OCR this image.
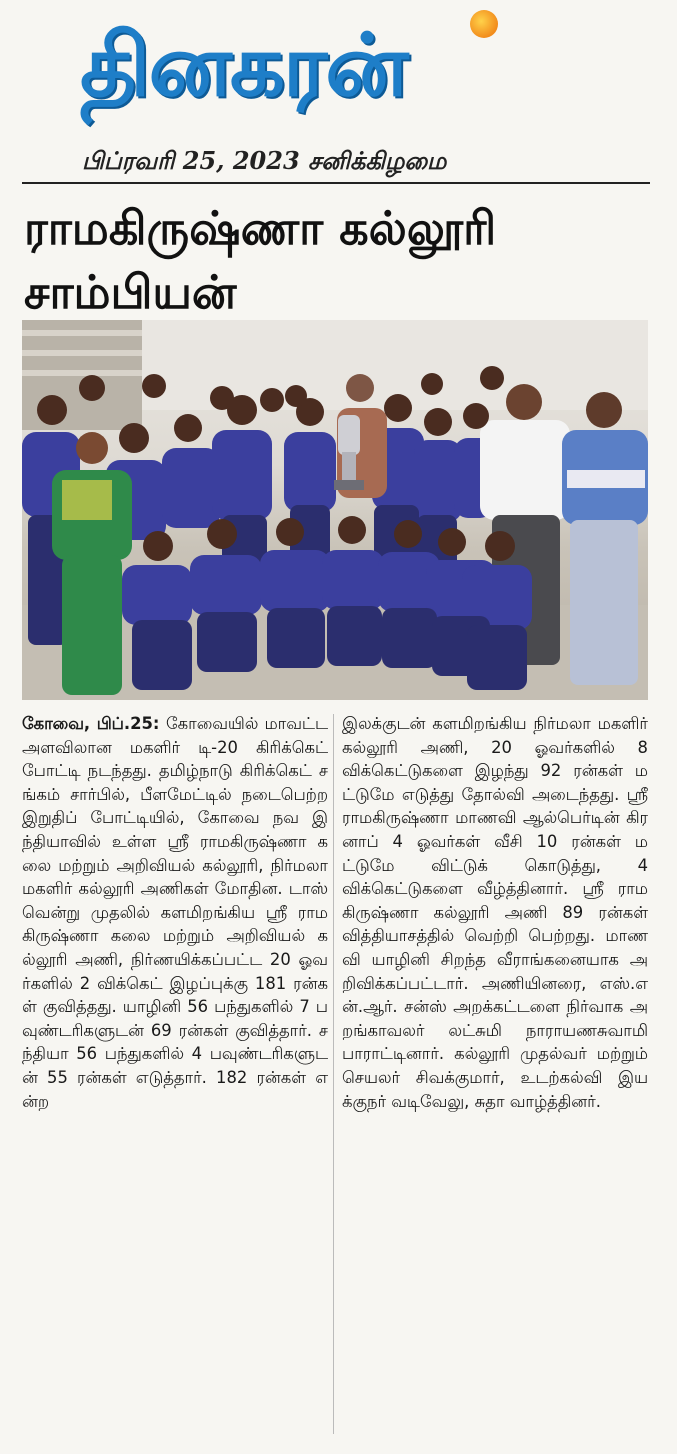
தினகரன்
பிப்ரவரி 25, 2023 சனிக்கிழமை
ராமகிருஷ்ணா கல்லூரி சாம்பியன்
கோவை, பிப்.25: கோவையில் மாவட்ட அளவிலான மகளிர் டி-20 கிரிக்கெட் போட்டி நடந்தது. தமிழ்நாடு கிரிக்கெட் சங்கம் சார்பில், பீளமேட்டில் நடைபெற்ற இறுதிப் போட்டியில், கோவை நவ இந்தியாவில் உள்ள ஸ்ரீ ராமகிருஷ்ணா கலை மற்றும் அறிவியல் கல்லூரி, நிர்மலா மகளிர் கல்லூரி அணிகள் மோதின. டாஸ் வென்று முதலில் களமிறங்கிய ஸ்ரீ ராமகிருஷ்ணா கலை மற்றும் அறிவியல் கல்லூரி அணி, நிர்ணயிக்கப்பட்ட 20 ஓவர்களில் 2 விக்கெட் இழப்புக்கு 181 ரன்கள் குவித்தது. யாழினி 56 பந்துகளில் 7 பவுண்டரிகளுடன் 69 ரன்கள் குவித்தார். சந்தியா 56 பந்துகளில் 4 பவுண்டரிகளுடன் 55 ரன்கள் எடுத்தார். 182 ரன்கள் என்ற
இலக்குடன் களமிறங்கிய நிர்மலா மகளிர் கல்லூரி அணி, 20 ஓவர்களில் 8 விக்கெட்டுகளை இழந்து 92 ரன்கள் மட்டுமே எடுத்து தோல்வி அடைந்தது. ஸ்ரீ ராமகிருஷ்ணா மாணவி ஆல்பெர்டின் கிரனாப் 4 ஓவர்கள் வீசி 10 ரன்கள் மட்டுமே விட்டுக் கொடுத்து, 4 விக்கெட்டுகளை வீழ்த்தினார். ஸ்ரீ ராமகிருஷ்ணா கல்லூரி அணி 89 ரன்கள் வித்தியாசத்தில் வெற்றி பெற்றது. மாணவி யாழினி சிறந்த வீராங்கனையாக அறிவிக்கப்பட்டார். அணியினரை, எஸ்.என்.ஆர். சன்ஸ் அறக்கட்டளை நிர்வாக அறங்காவலர் லட்சுமி நாராயணசுவாமி பாராட்டினார். கல்லூரி முதல்வர் மற்றும் செயலர் சிவக்குமார், உடற்கல்வி இயக்குநர் வடிவேலு, சுதா வாழ்த்தினர்.
